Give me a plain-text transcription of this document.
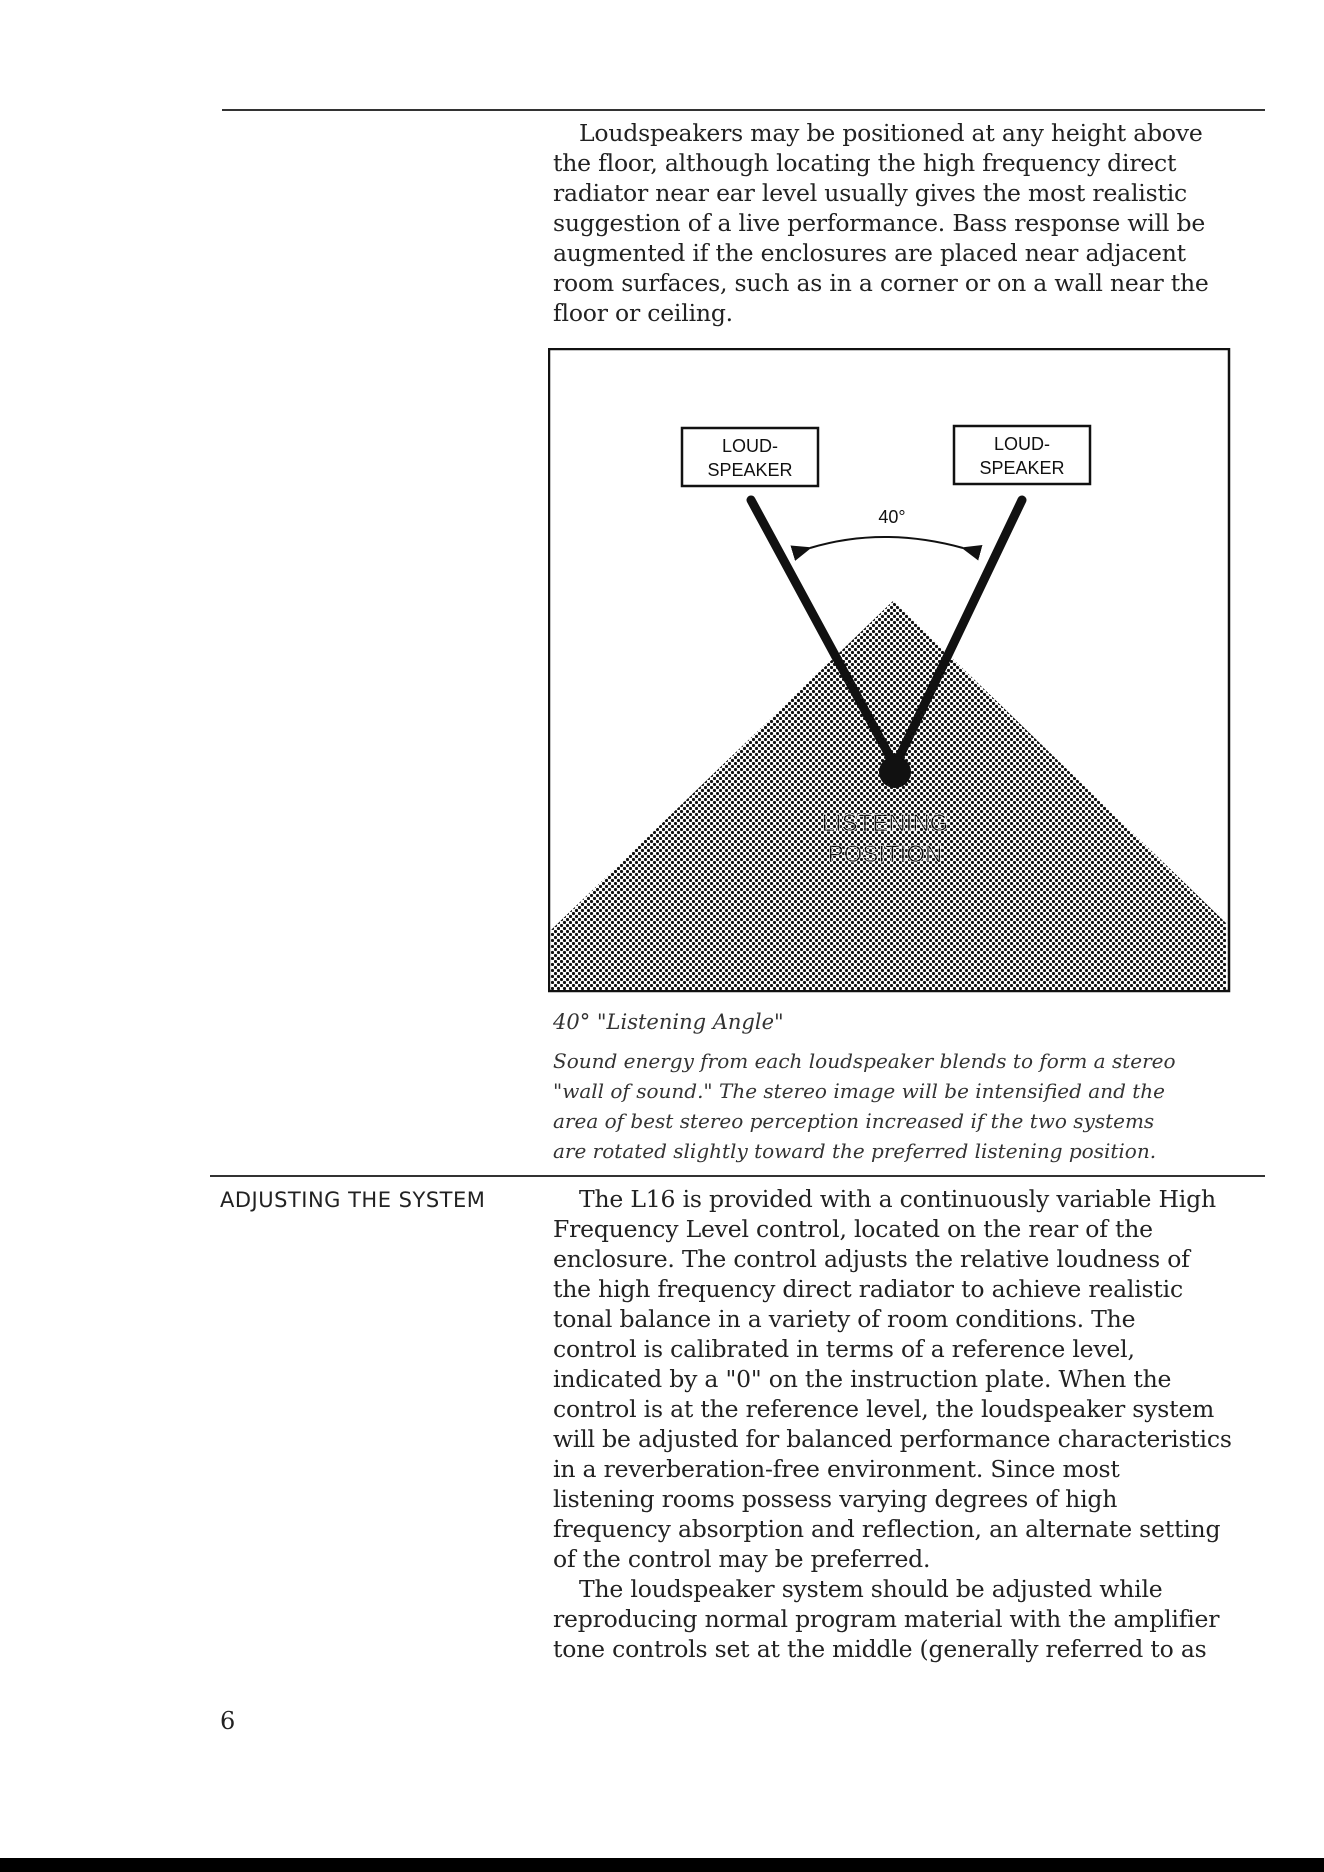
Loudspeakers may be positioned at any height above
the floor, although locating the high frequency direct
radiator near ear level usually gives the most realistic
suggestion of a live performance. Bass response will be
augmented if the enclosures are placed near adjacent
room surfaces, such as in a corner or on a wall near the
floor or ceiling.
LOUD-
SPEAKER
LOUD-
SPEAKER
40°
LISTENING
POSITION
40° "Listening Angle"
Sound energy from each loudspeaker blends to form a stereo
"wall of sound." The stereo image will be intensified and the
area of best stereo perception increased if the two systems
are rotated slightly toward the preferred listening position.
ADJUSTING THE SYSTEM	The L16 is provided with a continuously variable High
Frequency Level control, located on the rear of the
enclosure. The control adjusts the relative loudness of
the high frequency direct radiator to achieve realistic
tonal balance in a variety of room conditions. The
control is calibrated in terms of a reference level,
indicated by a "0" on the instruction plate. When the
control is at the reference level, the loudspeaker system
will be adjusted for balanced performance characteristics
in a reverberation-free environment. Since most
listening rooms possess varying degrees of high
frequency absorption and reflection, an alternate setting
of the control may be preferred.
The loudspeaker system should be adjusted while
reproducing normal program material with the amplifier
tone controls set at the middle (generally referred to as
6
